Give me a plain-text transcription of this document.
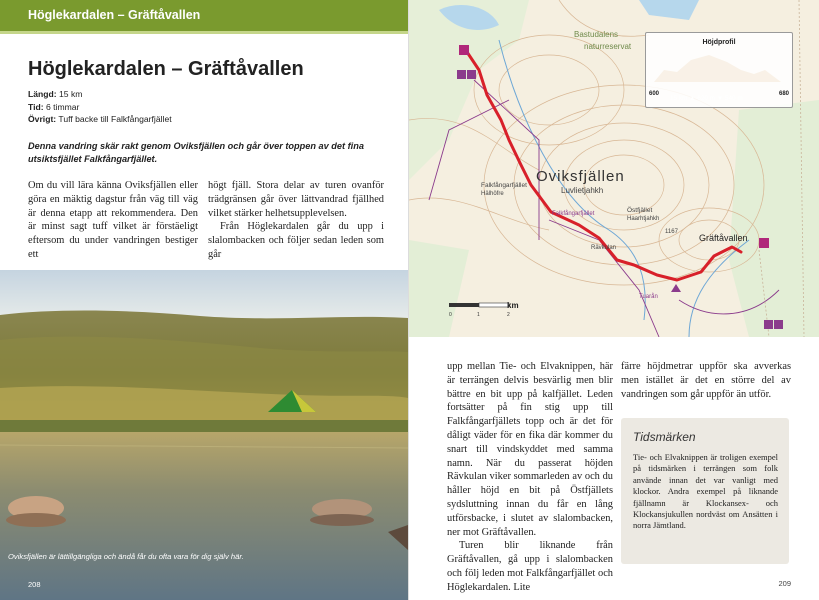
Höglekardalen – Gräftåvallen
Höglekardalen – Gräftåvallen
Längd: 15 km
Tid: 6 timmar
Övrigt: Tuff backe till Falkfångarfjället
Denna vandring skär rakt genom Oviksfjällen och går över toppen av det fina utsiktsfjället Falkfångarfjället.

Om du vill lära känna Oviksfjällen eller göra en mäktig dagstur från väg till väg är denna etapp att rekommendera. Den är minst sagt tuff vilket är förstäeligt eftersom du under vandringen bestiger ett

högt fjäll. Stora delar av turen ovanför trädgränsen går över lättvandrad fjällhed vilket stärker helhetsupplevelsen.

Från Höglekardalen går du upp i slalombacken och följer sedan leden som går

Oviksfjällen är lättillgängliga och ändå får du ofta vara för dig själv här.
208
0	1	2
Oviksfjällen
Luvlietjahkh
Falkfångarfjället
Hälhöfre
Falkfångarfjället	Östfjället
Haarhtjahkh
Gräftåvallen
Tuarån
Rävkulan
Bastudalens
naturreservat
1167
Höjdprofil
600	680
15 km ▲ 620 m ▼ 540 m
km

upp mellan Tie- och Elvaknippen, här är terrängen delvis besvärlig men blir bättre en bit upp på kalfjället. Leden fortsätter på fin stig upp till Falkfångarfjällets topp och är det för dåligt väder för en fika där kommer du snart till vindskyddet med samma namn. När du passerat höjden Rävkulan viker sommarleden av och du håller höjd en bit på Östfjällets sydsluttning innan du får en lång utförsbacke, i slutet av slalombacken, ner mot Gräftåvallen.

Turen blir liknande från Gräftåvallen, gå upp i slalombacken och följ leden mot Falkfångarfjället och Höglekardalen. Lite

färre höjdmetrar uppför ska avverkas men istället är det en större del av vandringen som går uppför än utför.

Tidsmärken
Tie- och Elvaknippen är troligen exempel på tidsmärken i terrängen som folk använde innan det var vanligt med klockor. Andra exempel på liknande fjällnamn är Klockansex- och Klockansjukullen nordväst om Ansätten i norra Jämtland.
209
